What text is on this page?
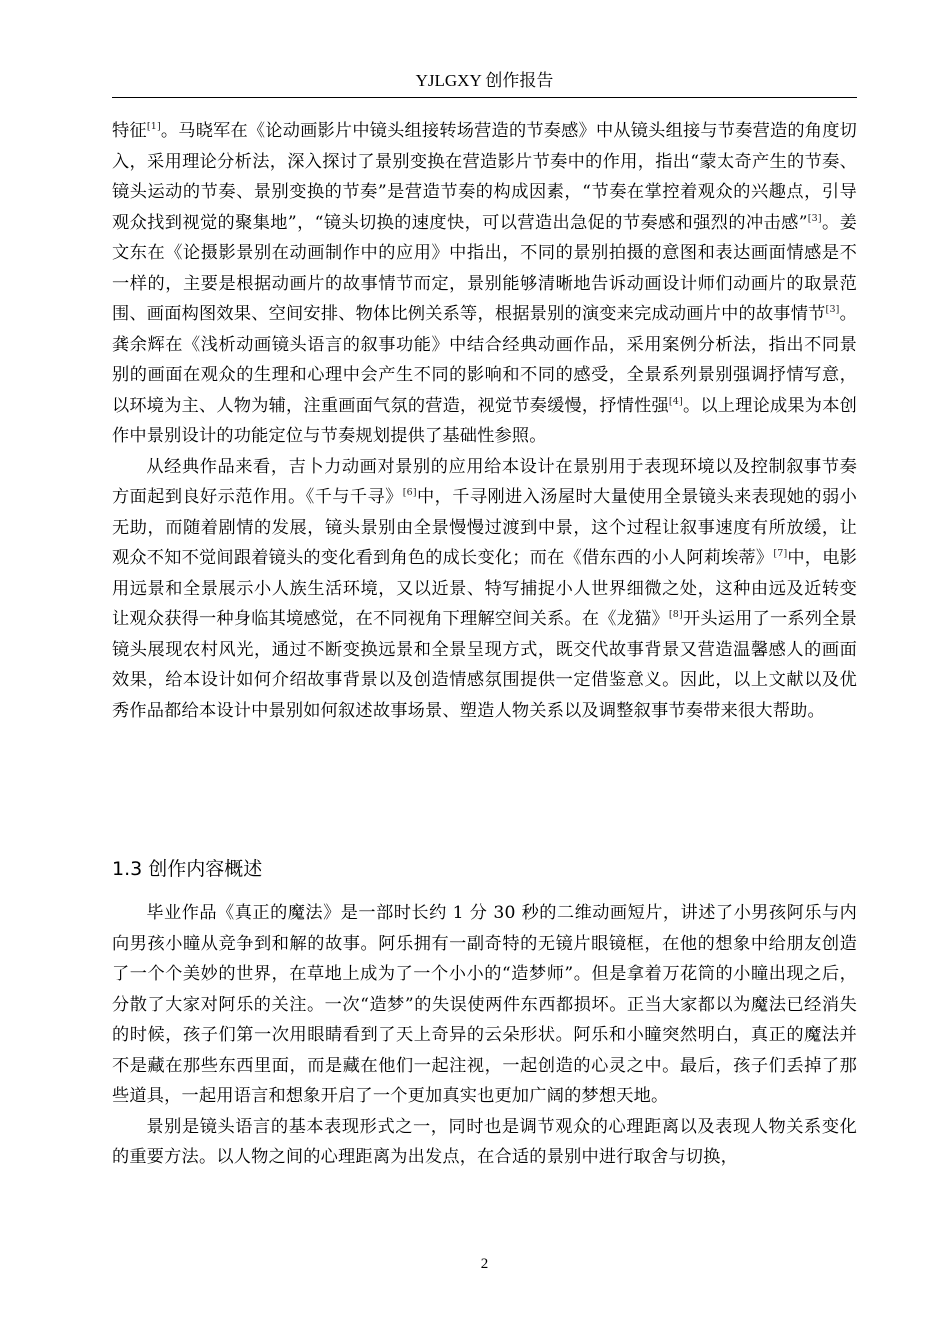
YJLGXY 创作报告

特征[1]。马晓军在《论动画影片中镜头组接转场营造的节奏感》中从镜头组接与节奏营造的角度切入，采用理论分析法，深入探讨了景别变换在营造影片节奏中的作用，指出“蒙太奇产生的节奏、镜头运动的节奏、景别变换的节奏”是营造节奏的构成因素，“节奏在掌控着观众的兴趣点，引导观众找到视觉的聚集地”，“镜头切换的速度快，可以营造出急促的节奏感和强烈的冲击感”[3]。姜文东在《论摄影景别在动画制作中的应用》中指出，不同的景别拍摄的意图和表达画面情感是不一样的，主要是根据动画片的故事情节而定，景别能够清晰地告诉动画设计师们动画片的取景范围、画面构图效果、空间安排、物体比例关系等，根据景别的演变来完成动画片中的故事情节[3]。龚余辉在《浅析动画镜头语言的叙事功能》中结合经典动画作品，采用案例分析法，指出不同景别的画面在观众的生理和心理中会产生不同的影响和不同的感受，全景系列景别强调抒情写意，以环境为主、人物为辅，注重画面气氛的营造，视觉节奏缓慢，抒情性强[4]。以上理论成果为本创作中景别设计的功能定位与节奏规划提供了基础性参照。

从经典作品来看，吉卜力动画对景别的应用给本设计在景别用于表现环境以及控制叙事节奏方面起到良好示范作用。《千与千寻》[6]中，千寻刚进入汤屋时大量使用全景镜头来表现她的弱小无助，而随着剧情的发展，镜头景别由全景慢慢过渡到中景，这个过程让叙事速度有所放缓，让观众不知不觉间跟着镜头的变化看到角色的成长变化；而在《借东西的小人阿莉埃蒂》[7]中，电影用远景和全景展示小人族生活环境，又以近景、特写捕捉小人世界细微之处，这种由远及近转变让观众获得一种身临其境感觉，在不同视角下理解空间关系。在《龙猫》[8]开头运用了一系列全景镜头展现农村风光，通过不断变换远景和全景呈现方式，既交代故事背景又营造温馨感人的画面效果，给本设计如何介绍故事背景以及创造情感氛围提供一定借鉴意义。因此，以上文献以及优秀作品都给本设计中景别如何叙述故事场景、塑造人物关系以及调整叙事节奏带来很大帮助。

1.3 创作内容概述

毕业作品《真正的魔法》是一部时长约 1 分 30 秒的二维动画短片，讲述了小男孩阿乐与内向男孩小瞳从竞争到和解的故事。阿乐拥有一副奇特的无镜片眼镜框，在他的想象中给朋友创造了一个个美妙的世界，在草地上成为了一个小小的“造梦师”。但是拿着万花筒的小瞳出现之后，分散了大家对阿乐的关注。一次“造梦”的失误使两件东西都损坏。正当大家都以为魔法已经消失的时候，孩子们第一次用眼睛看到了天上奇异的云朵形状。阿乐和小瞳突然明白，真正的魔法并不是藏在那些东西里面，而是藏在他们一起注视，一起创造的心灵之中。最后，孩子们丢掉了那些道具，一起用语言和想象开启了一个更加真实也更加广阔的梦想天地。

景别是镜头语言的基本表现形式之一，同时也是调节观众的心理距离以及表现人物关系变化的重要方法。以人物之间的心理距离为出发点，在合适的景别中进行取舍与切换，

2
